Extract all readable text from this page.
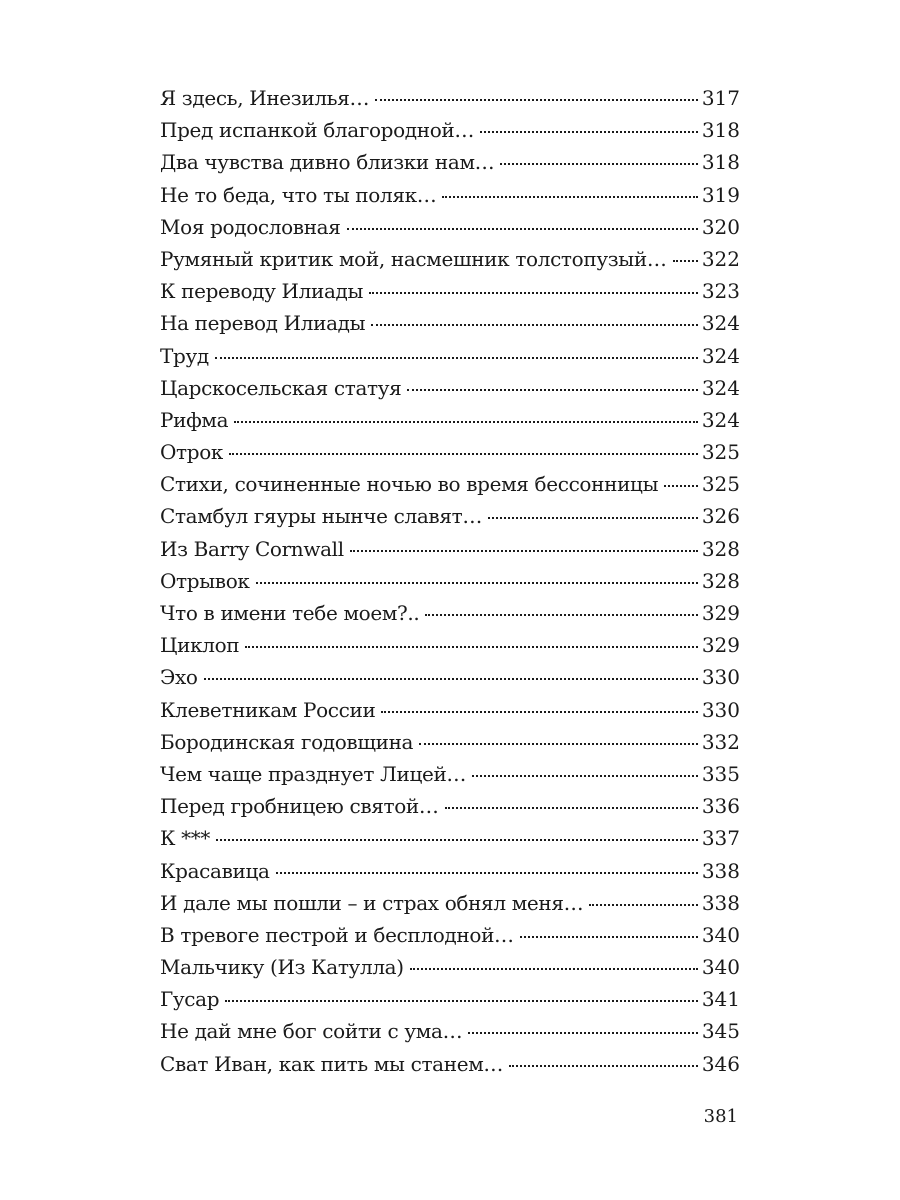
Я здесь, Инезилья…	317
Пред испанкой благородной…	318
Два чувства дивно близки нам…	318
Не то беда, что ты поляк…	319
Моя родословная	320
Румяный критик мой, насмешник толстопузый… 322
К переводу Илиады	323
На перевод Илиады	324
Труд	324
Царскосельская статуя	324
Рифма	324
Отрок	325
Стихи, сочиненные ночью во время бессонницы 325
Стамбул гяуры нынче славят…	326
Из Barry Cornwall	328
Отрывок	328
Что в имени тебе моем?..	329
Циклоп	329
Эхо	330
Клеветникам России	330
Бородинская годовщина	332
Чем чаще празднует Лицей…	335
Перед гробницею святой…	336
К ***	337
Красавица	338
И дале мы пошли – и страх обнял меня…	338
В тревоге пестрой и бесплодной…	340
Мальчику (Из Катулла)	340
Гусар	341
Не дай мне бог сойти с ума…	345
Сват Иван, как пить мы станем…	346
381
